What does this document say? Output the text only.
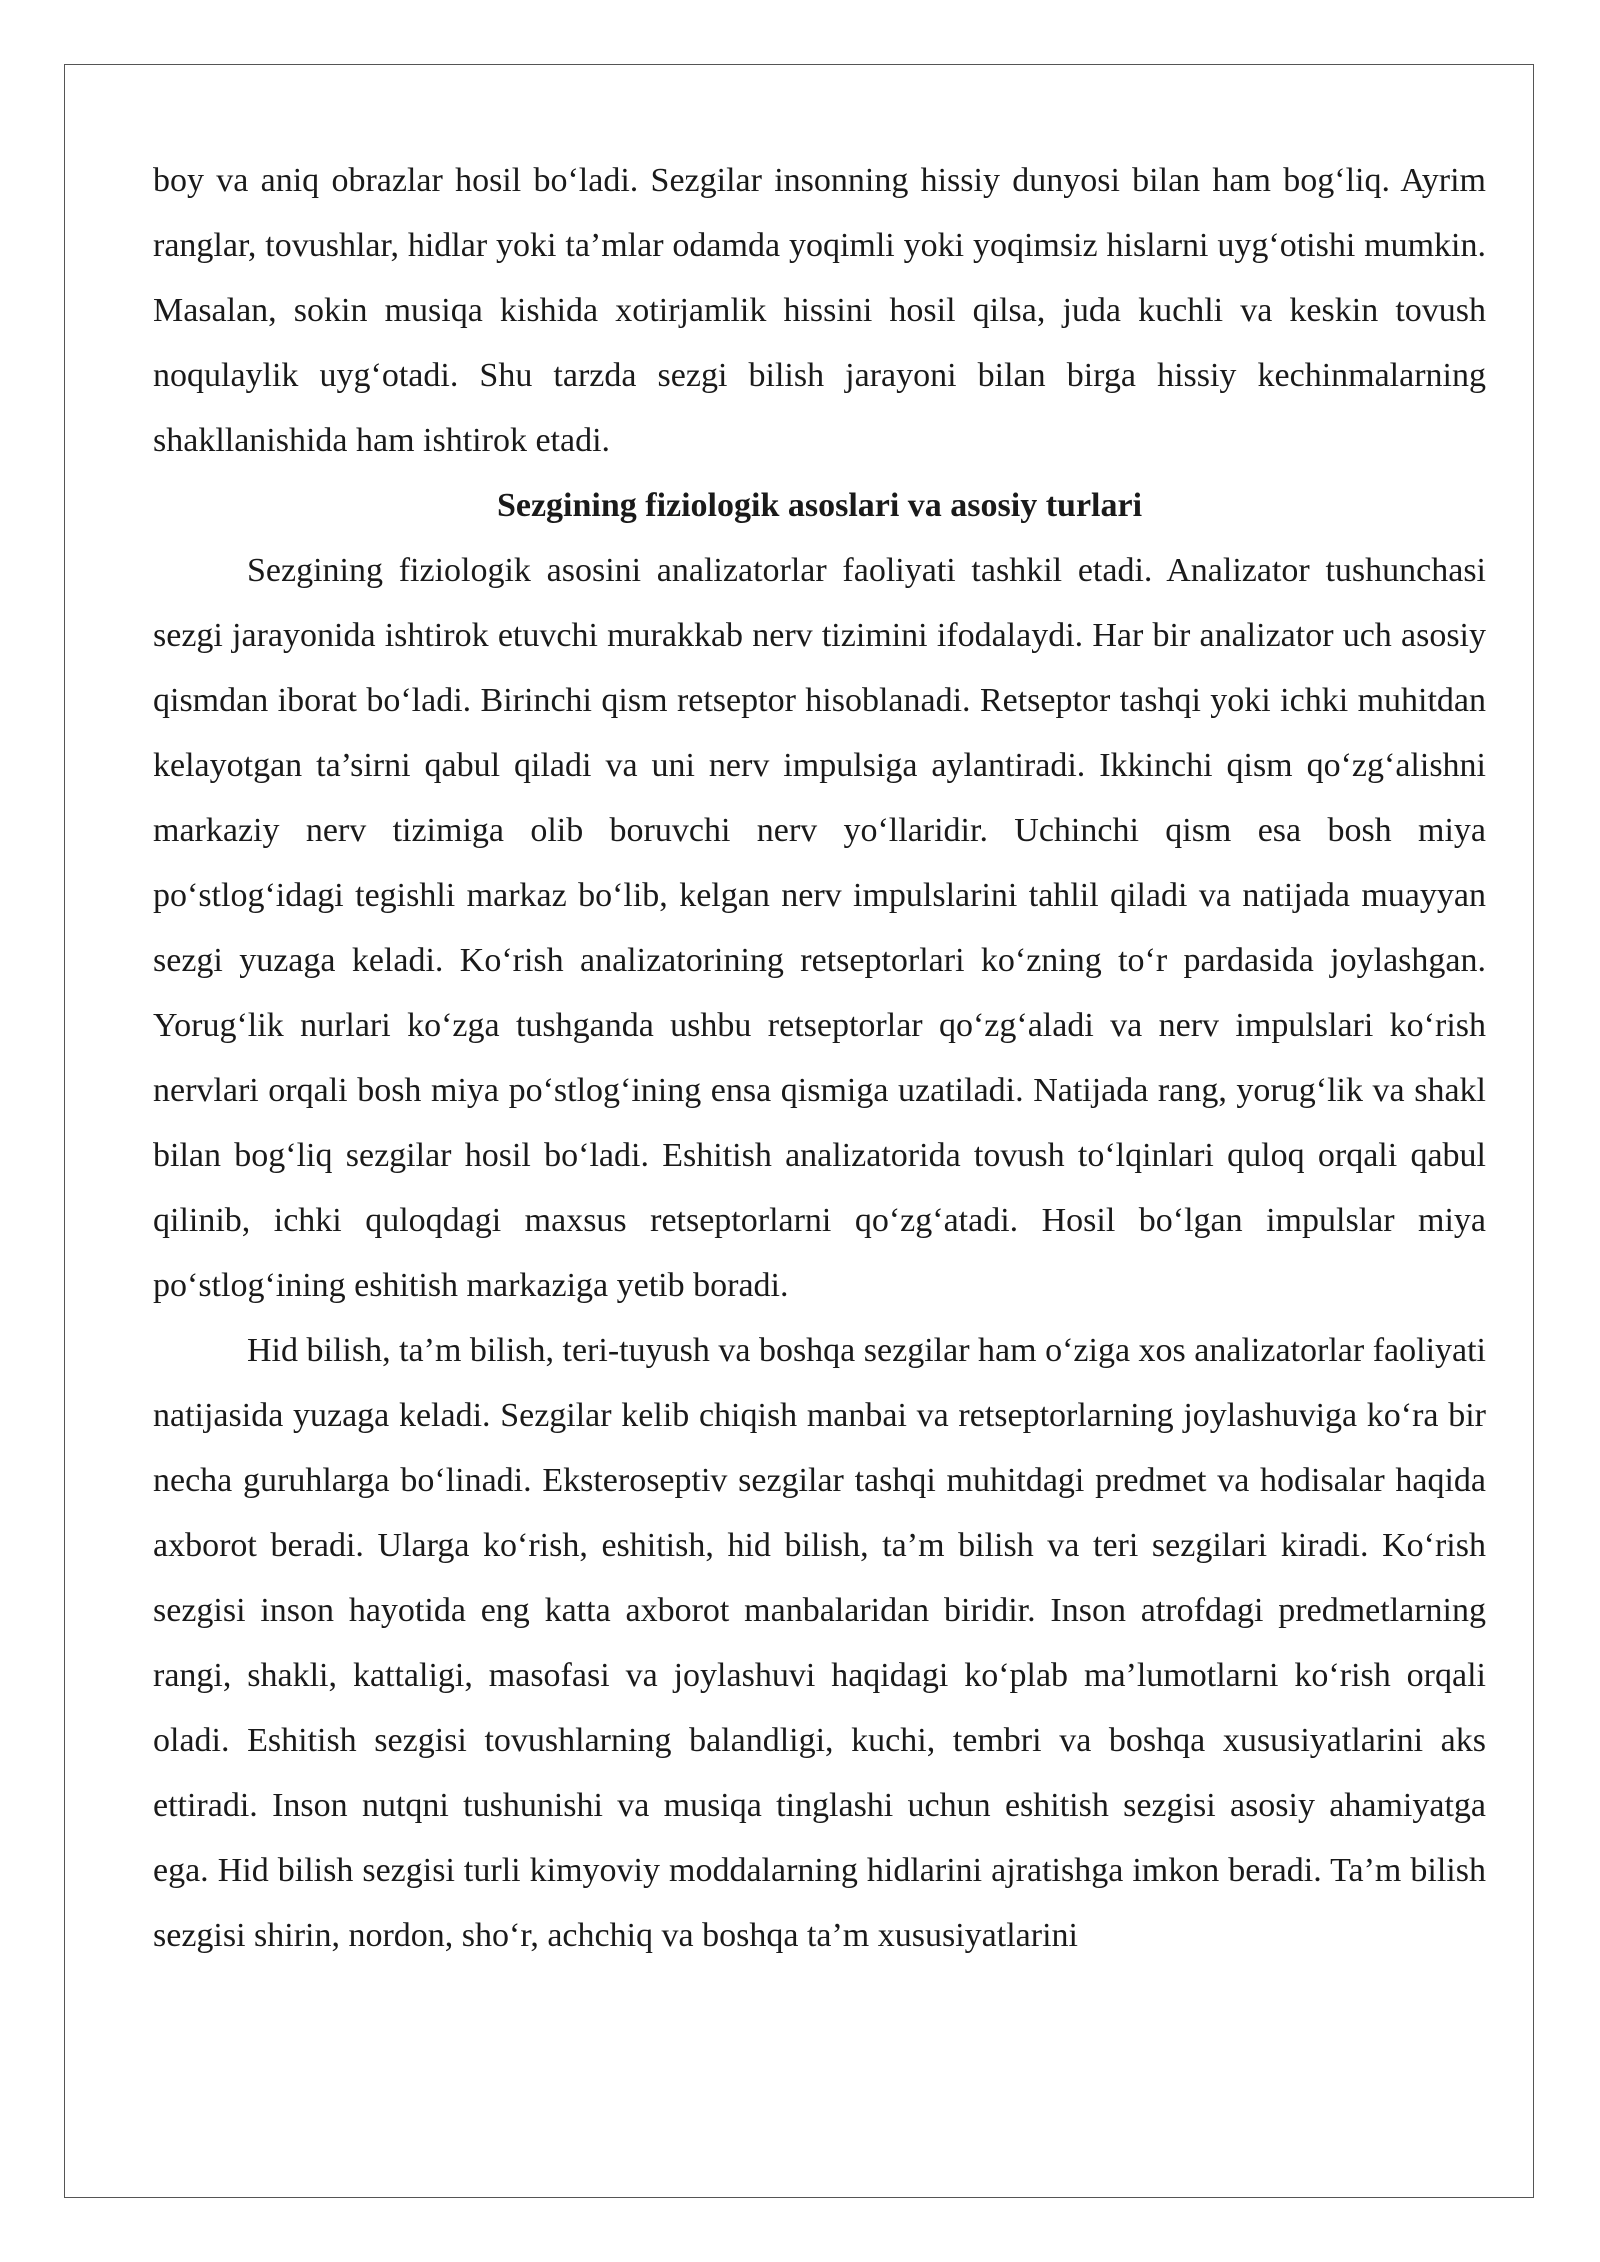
boy va aniq obrazlar hosil bo‘ladi. Sezgilar insonning hissiy dunyosi bilan ham bog‘liq. Ayrim ranglar, tovushlar, hidlar yoki ta’mlar odamda yoqimli yoki yoqimsiz hislarni uyg‘otishi mumkin. Masalan, sokin musiqa kishida xotirjamlik hissini hosil qilsa, juda kuchli va keskin tovush noqulaylik uyg‘otadi. Shu tarzda sezgi bilish jarayoni bilan birga hissiy kechinmalarning shakllanishida ham ishtirok etadi.

Sezgining fiziologik asoslari va asosiy turlari

Sezgining fiziologik asosini analizatorlar faoliyati tashkil etadi. Analizator tushunchasi sezgi jarayonida ishtirok etuvchi murakkab nerv tizimini ifodalaydi. Har bir analizator uch asosiy qismdan iborat bo‘ladi. Birinchi qism retseptor hisoblanadi. Retseptor tashqi yoki ichki muhitdan kelayotgan ta’sirni qabul qiladi va uni nerv impulsiga aylantiradi. Ikkinchi qism qo‘zg‘alishni markaziy nerv tizimiga olib boruvchi nerv yo‘llaridir. Uchinchi qism esa bosh miya po‘stlog‘idagi tegishli markaz bo‘lib, kelgan nerv impulslarini tahlil qiladi va natijada muayyan sezgi yuzaga keladi. Ko‘rish analizatorining retseptorlari ko‘zning to‘r pardasida joylashgan. Yorug‘lik nurlari ko‘zga tushganda ushbu retseptorlar qo‘zg‘aladi va nerv impulslari ko‘rish nervlari orqali bosh miya po‘stlog‘ining ensa qismiga uzatiladi. Natijada rang, yorug‘lik va shakl bilan bog‘liq sezgilar hosil bo‘ladi. Eshitish analizatorida tovush to‘lqinlari quloq orqali qabul qilinib, ichki quloqdagi maxsus retseptorlarni qo‘zg‘atadi. Hosil bo‘lgan impulslar miya po‘stlog‘ining eshitish markaziga yetib boradi.

Hid bilish, ta’m bilish, teri-tuyush va boshqa sezgilar ham o‘ziga xos analizatorlar faoliyati natijasida yuzaga keladi. Sezgilar kelib chiqish manbai va retseptorlarning joylashuviga ko‘ra bir necha guruhlarga bo‘linadi. Eksteroseptiv sezgilar tashqi muhitdagi predmet va hodisalar haqida axborot beradi. Ularga ko‘rish, eshitish, hid bilish, ta’m bilish va teri sezgilari kiradi. Ko‘rish sezgisi inson hayotida eng katta axborot manbalaridan biridir. Inson atrofdagi predmetlarning rangi, shakli, kattaligi, masofasi va joylashuvi haqidagi ko‘plab ma’lumotlarni ko‘rish orqali oladi. Eshitish sezgisi tovushlarning balandligi, kuchi, tembri va boshqa xususiyatlarini aks ettiradi. Inson nutqni tushunishi va musiqa tinglashi uchun eshitish sezgisi asosiy ahamiyatga ega. Hid bilish sezgisi turli kimyoviy moddalarning hidlarini ajratishga imkon beradi. Ta’m bilish sezgisi shirin, nordon, sho‘r, achchiq va boshqa ta’m xususiyatlarini
